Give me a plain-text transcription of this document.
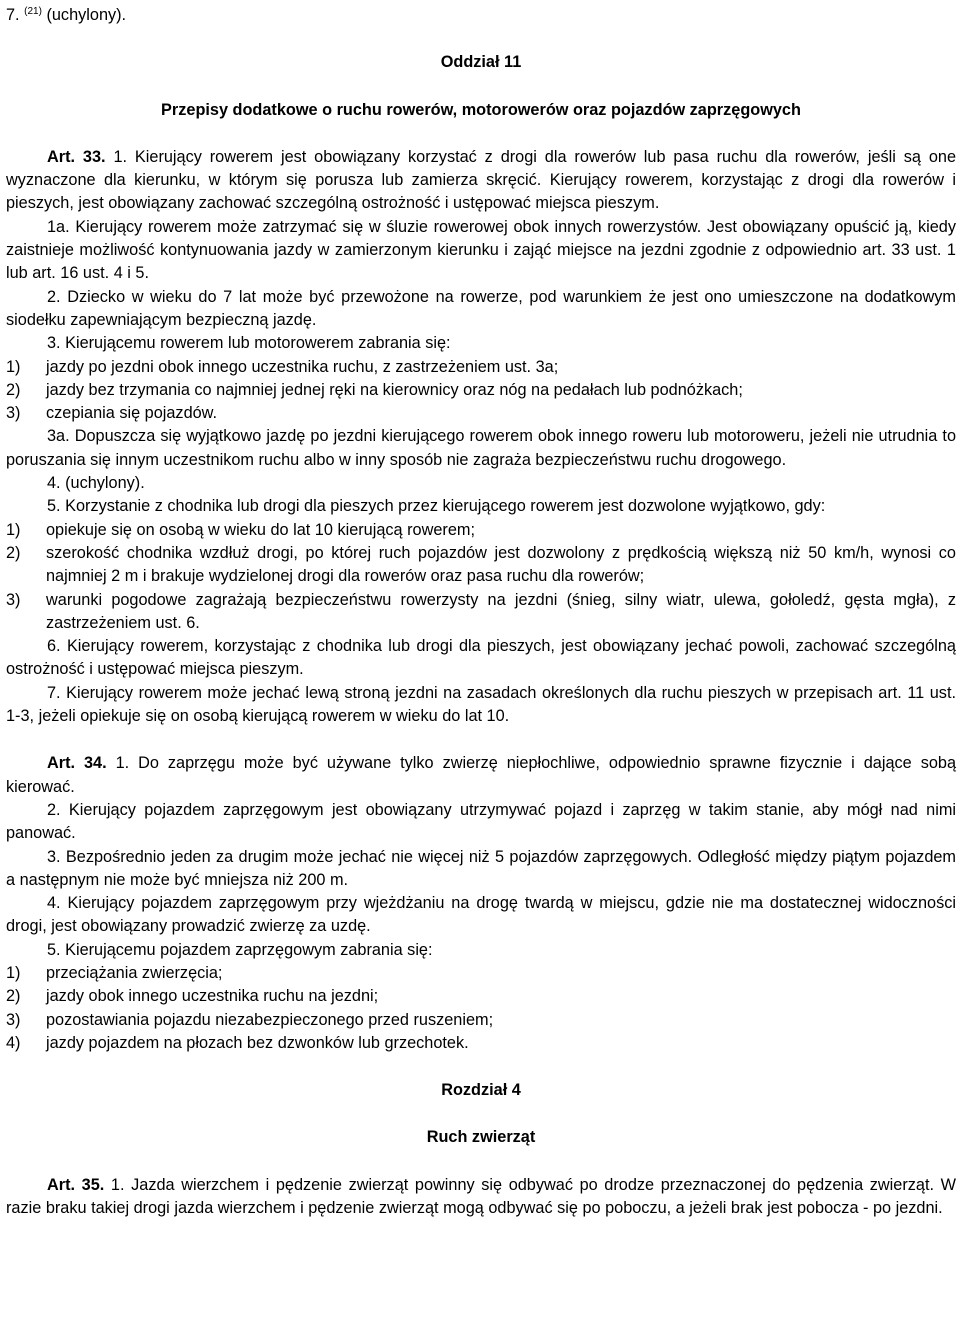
7. $^{(21)}$ (uchylony).

Oddział 11

Przepisy dodatkowe o ruchu rowerów, motorowerów oraz pojazdów zaprzęgowych

Art. 33. 1. Kierujący rowerem jest obowiązany korzystać z drogi dla rowerów lub pasa ruchu dla rowerów, jeśli są one wyznaczone dla kierunku, w którym się porusza lub zamierza skręcić. Kierujący rowerem, korzystając z drogi dla rowerów i pieszych, jest obowiązany zachować szczególną ostrożność i ustępować miejsca pieszym.

1a. Kierujący rowerem może zatrzymać się w śluzie rowerowej obok innych rowerzystów. Jest obowiązany opuścić ją, kiedy zaistnieje możliwość kontynuowania jazdy w zamierzonym kierunku i zająć miejsce na jezdni zgodnie z odpowiednio art. 33 ust. 1 lub art. 16 ust. 4 i 5.

2. Dziecko w wieku do 7 lat może być przewożone na rowerze, pod warunkiem że jest ono umieszczone na dodatkowym siodełku zapewniającym bezpieczną jazdę.

3. Kierującemu rowerem lub motorowerem zabrania się:

1)	jazdy po jezdni obok innego uczestnika ruchu, z zastrzeżeniem ust. 3a;
2)	jazdy bez trzymania co najmniej jednej ręki na kierownicy oraz nóg na pedałach lub podnóżkach;
3)	czepiania się pojazdów.

3a. Dopuszcza się wyjątkowo jazdę po jezdni kierującego rowerem obok innego roweru lub motoroweru, jeżeli nie utrudnia to poruszania się innym uczestnikom ruchu albo w inny sposób nie zagraża bezpieczeństwu ruchu drogowego.

4. (uchylony).

5. Korzystanie z chodnika lub drogi dla pieszych przez kierującego rowerem jest dozwolone wyjątkowo, gdy:

1)	opiekuje się on osobą w wieku do lat 10 kierującą rowerem;
2)	szerokość chodnika wzdłuż drogi, po której ruch pojazdów jest dozwolony z prędkością większą niż 50 km/h, wynosi co najmniej 2 m i brakuje wydzielonej drogi dla rowerów oraz pasa ruchu dla rowerów;
3)	warunki pogodowe zagrażają bezpieczeństwu rowerzysty na jezdni (śnieg, silny wiatr, ulewa, gołoledź, gęsta mgła), z zastrzeżeniem ust. 6.

6. Kierujący rowerem, korzystając z chodnika lub drogi dla pieszych, jest obowiązany jechać powoli, zachować szczególną ostrożność i ustępować miejsca pieszym.

7. Kierujący rowerem może jechać lewą stroną jezdni na zasadach określonych dla ruchu pieszych w przepisach art. 11 ust. 1-3, jeżeli opiekuje się on osobą kierującą rowerem w wieku do lat 10.

Art. 34. 1. Do zaprzęgu może być używane tylko zwierzę niepłochliwe, odpowiednio sprawne fizycznie i dające sobą kierować.

2. Kierujący pojazdem zaprzęgowym jest obowiązany utrzymywać pojazd i zaprzęg w takim stanie, aby mógł nad nimi panować.

3. Bezpośrednio jeden za drugim może jechać nie więcej niż 5 pojazdów zaprzęgowych. Odległość między piątym pojazdem a następnym nie może być mniejsza niż 200 m.

4. Kierujący pojazdem zaprzęgowym przy wjeżdżaniu na drogę twardą w miejscu, gdzie nie ma dostatecznej widoczności drogi, jest obowiązany prowadzić zwierzę za uzdę.

5. Kierującemu pojazdem zaprzęgowym zabrania się:

1)	przeciążania zwierzęcia;
2)	jazdy obok innego uczestnika ruchu na jezdni;
3)	pozostawiania pojazdu niezabezpieczonego przed ruszeniem;
4)	jazdy pojazdem na płozach bez dzwonków lub grzechotek.

Rozdział 4

Ruch zwierząt

Art. 35. 1. Jazda wierzchem i pędzenie zwierząt powinny się odbywać po drodze przeznaczonej do pędzenia zwierząt. W razie braku takiej drogi jazda wierzchem i pędzenie zwierząt mogą odbywać się po poboczu, a jeżeli brak jest pobocza - po jezdni.
